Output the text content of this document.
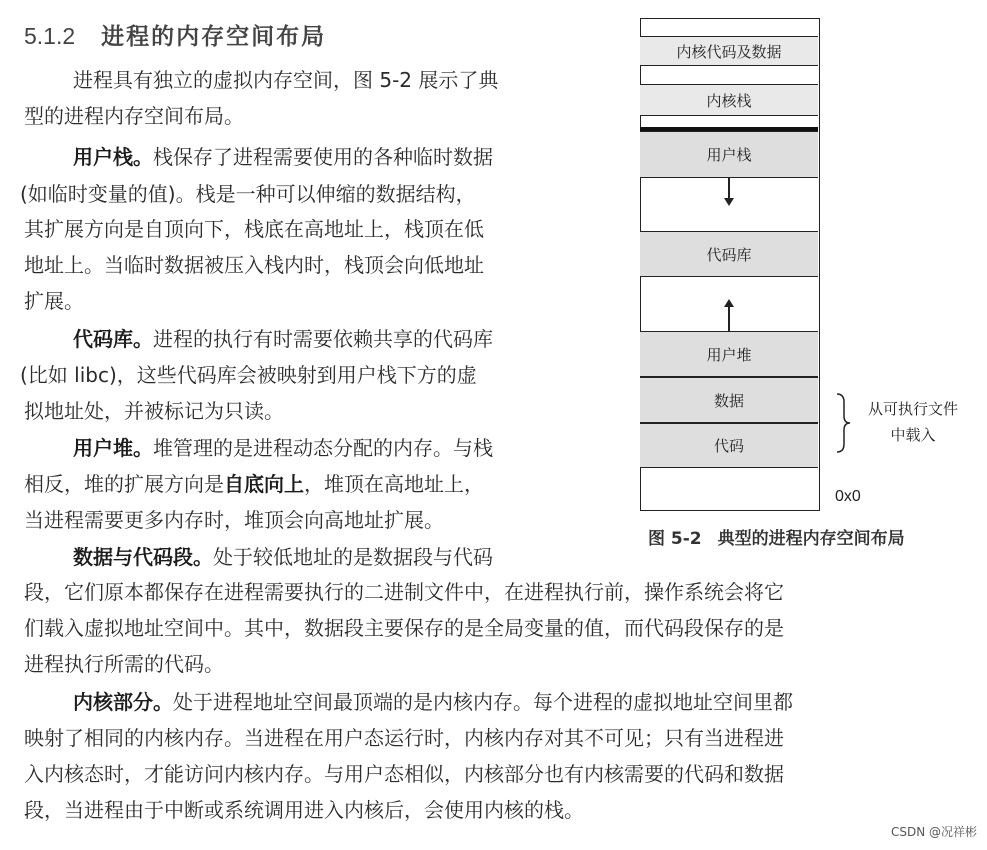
5.1.2 进程的内存空间布局
进程具有独立的虚拟内存空间，图 5-2 展示了典
型的进程内存空间布局。
用户栈。栈保存了进程需要使用的各种临时数据
(如临时变量的值)。栈是一种可以伸缩的数据结构，
其扩展方向是自顶向下，栈底在高地址上，栈顶在低
地址上。当临时数据被压入栈内时，栈顶会向低地址
扩展。
代码库。进程的执行有时需要依赖共享的代码库
(比如 libc)，这些代码库会被映射到用户栈下方的虚
拟地址处，并被标记为只读。
用户堆。堆管理的是进程动态分配的内存。与栈
相反，堆的扩展方向是自底向上，堆顶在高地址上，
当进程需要更多内存时，堆顶会向高地址扩展。
数据与代码段。处于较低地址的是数据段与代码
段，它们原本都保存在进程需要执行的二进制文件中，在进程执行前，操作系统会将它
们载入虚拟地址空间中。其中，数据段主要保存的是全局变量的值，而代码段保存的是
进程执行所需的代码。
内核部分。处于进程地址空间最顶端的是内核内存。每个进程的虚拟地址空间里都
映射了相同的内核内存。当进程在用户态运行时，内核内存对其不可见；只有当进程进
入内核态时，才能访问内核内存。与用户态相似，内核部分也有内核需要的代码和数据
段，当进程由于中断或系统调用进入内核后，会使用内核的栈。
内核代码及数据
内核栈
用户栈
代码库
用户堆
数据
代码
从可执行文件
中载入
0x0
图 5-2 典型的进程内存空间布局
CSDN @况祥彬
